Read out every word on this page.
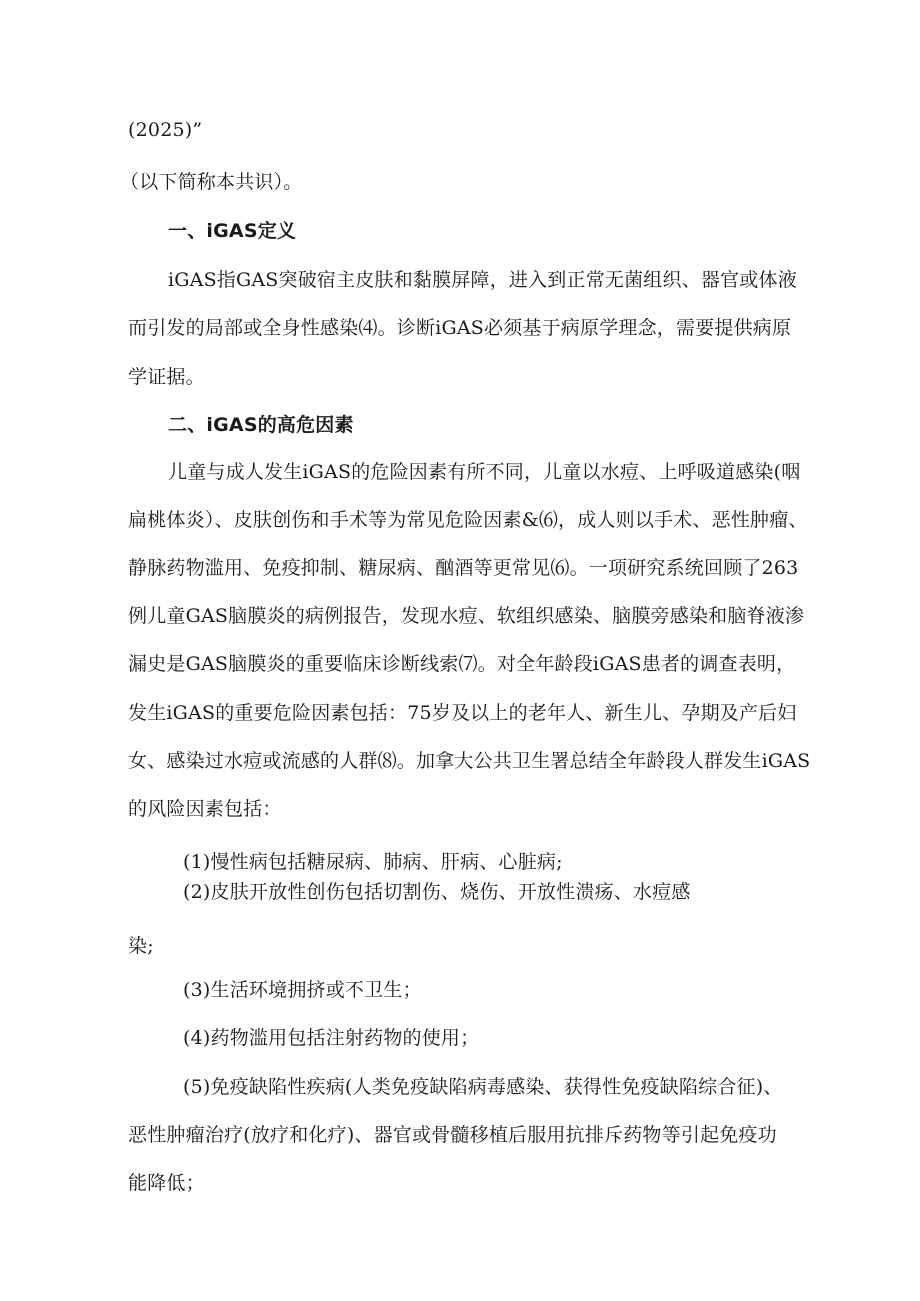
(2025)”
（以下简称本共识）。
一、iGAS定义
iGAS指GAS突破宿主皮肤和黏膜屏障，进入到正常无菌组织、器官或体液
而引发的局部或全身性感染⑷。诊断iGAS必须基于病原学理念，需要提供病原
学证据。
二、iGAS的高危因素
儿童与成人发生iGAS的危险因素有所不同，儿童以水痘、上呼吸道感染(咽
扁桃体炎）、皮肤创伤和手术等为常见危险因素&⑹，成人则以手术、恶性肿瘤、
静脉药物滥用、免疫抑制、糖尿病、酗酒等更常见⑹。一项研究系统回顾了263
例儿童GAS脑膜炎的病例报告，发现水痘、软组织感染、脑膜旁感染和脑脊液渗
漏史是GAS脑膜炎的重要临床诊断线索⑺。对全年龄段iGAS患者的调查表明，
发生iGAS的重要危险因素包括：75岁及以上的老年人、新生儿、孕期及产后妇
女、感染过水痘或流感的人群⑻。加拿大公共卫生署总结全年龄段人群发生iGAS
的风险因素包括：
(1)慢性病包括糖尿病、肺病、肝病、心脏病;
(2)皮肤开放性创伤包括切割伤、烧伤、开放性溃疡、水痘感
染;
(3)生活环境拥挤或不卫生；
(4)药物滥用包括注射药物的使用；
(5)免疫缺陷性疾病(人类免疫缺陷病毒感染、获得性免疫缺陷综合征)、
恶性肿瘤治疗(放疗和化疗)、器官或骨髓移植后服用抗排斥药物等引起免疫功
能降低；
